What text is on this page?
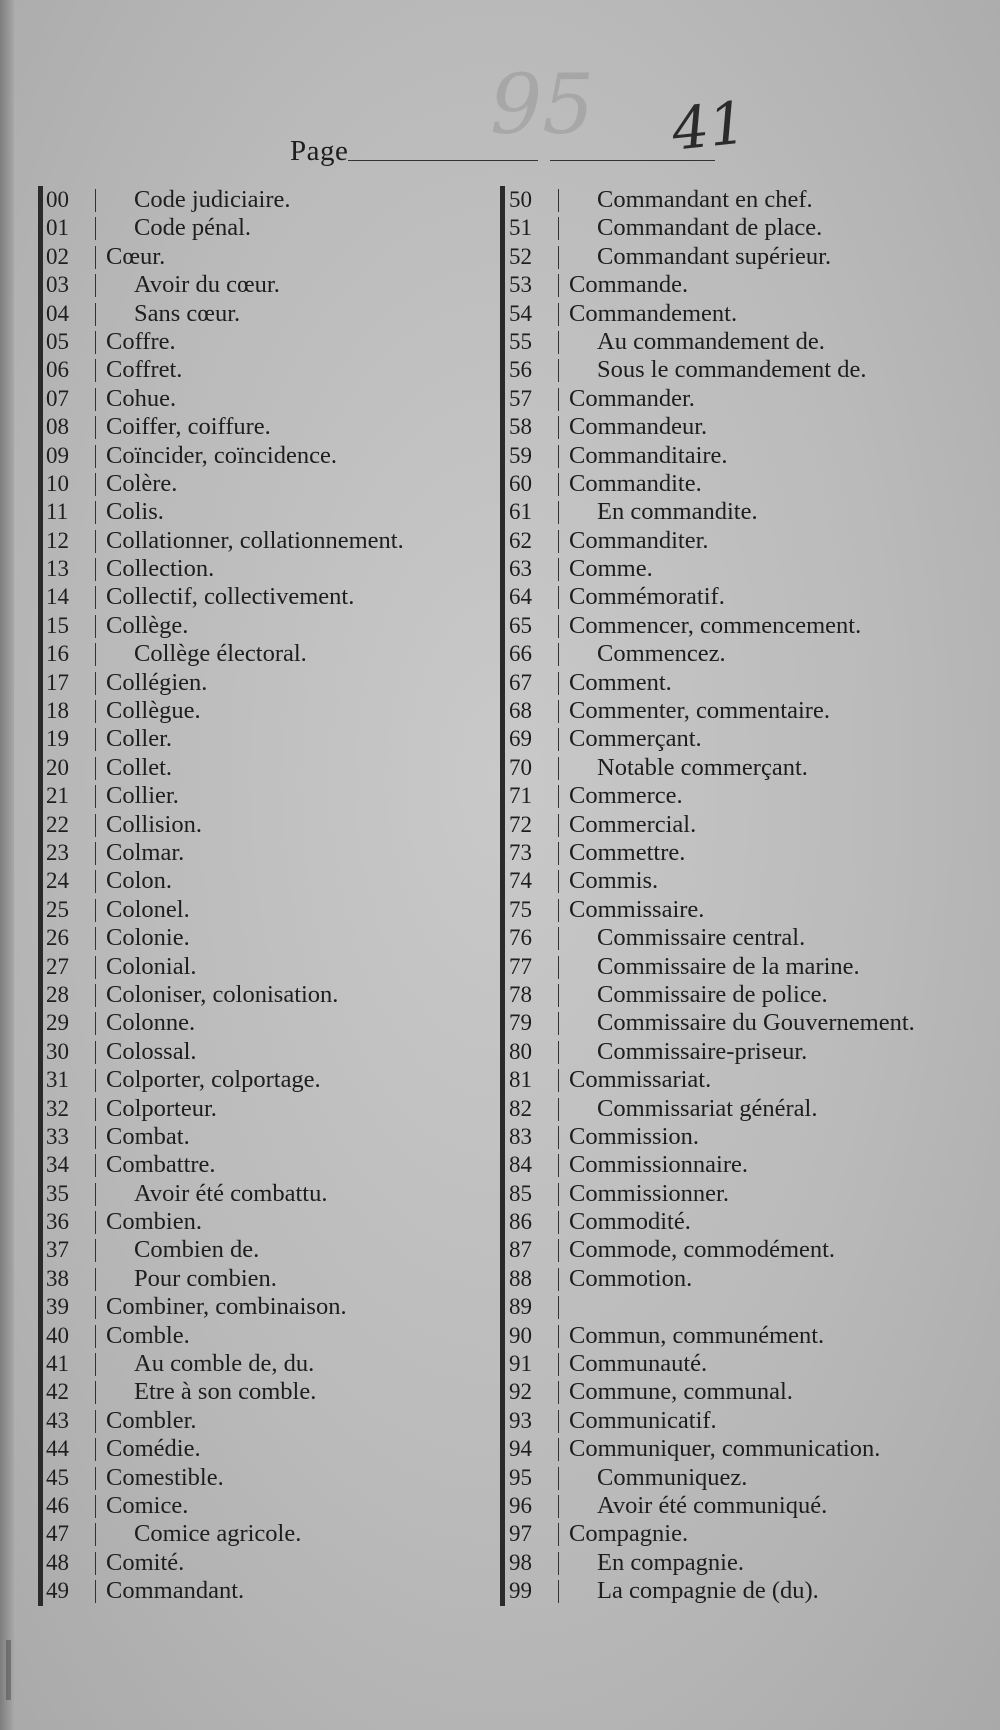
95
Page	41
00	Code judiciaire.
01	Code pénal.
02	Cœur.
03	Avoir du cœur.
04	Sans cœur.
05	Coffre.
06	Coffret.
07	Cohue.
08	Coiffer, coiffure.
09	Coïncider, coïncidence.
10	Colère.
11	Colis.
12	Collationner, collationnement.
13	Collection.
14	Collectif, collectivement.
15	Collège.
16	Collège électoral.
17	Collégien.
18	Collègue.
19	Coller.
20	Collet.
21	Collier.
22	Collision.
23	Colmar.
24	Colon.
25	Colonel.
26	Colonie.
27	Colonial.
28	Coloniser, colonisation.
29	Colonne.
30	Colossal.
31	Colporter, colportage.
32	Colporteur.
33	Combat.
34	Combattre.
35	Avoir été combattu.
36	Combien.
37	Combien de.
38	Pour combien.
39	Combiner, combinaison.
40	Comble.
41	Au comble de, du.
42	Etre à son comble.
43	Combler.
44	Comédie.
45	Comestible.
46	Comice.
47	Comice agricole.
48	Comité.
49	Commandant.
50	Commandant en chef.
51	Commandant de place.
52	Commandant supérieur.
53	Commande.
54	Commandement.
55	Au commandement de.
56	Sous le commandement de.
57	Commander.
58	Commandeur.
59	Commanditaire.
60	Commandite.
61	En commandite.
62	Commanditer.
63	Comme.
64	Commémoratif.
65	Commencer, commencement.
66	Commencez.
67	Comment.
68	Commenter, commentaire.
69	Commerçant.
70	Notable commerçant.
71	Commerce.
72	Commercial.
73	Commettre.
74	Commis.
75	Commissaire.
76	Commissaire central.
77	Commissaire de la marine.
78	Commissaire de police.
79	Commissaire du Gouvernement.
80	Commissaire-priseur.
81	Commissariat.
82	Commissariat général.
83	Commission.
84	Commissionnaire.
85	Commissionner.
86	Commodité.
87	Commode, commodément.
88	Commotion.
89
90	Commun, communément.
91	Communauté.
92	Commune, communal.
93	Communicatif.
94	Communiquer, communication.
95	Communiquez.
96	Avoir été communiqué.
97	Compagnie.
98	En compagnie.
99	La compagnie de (du).
